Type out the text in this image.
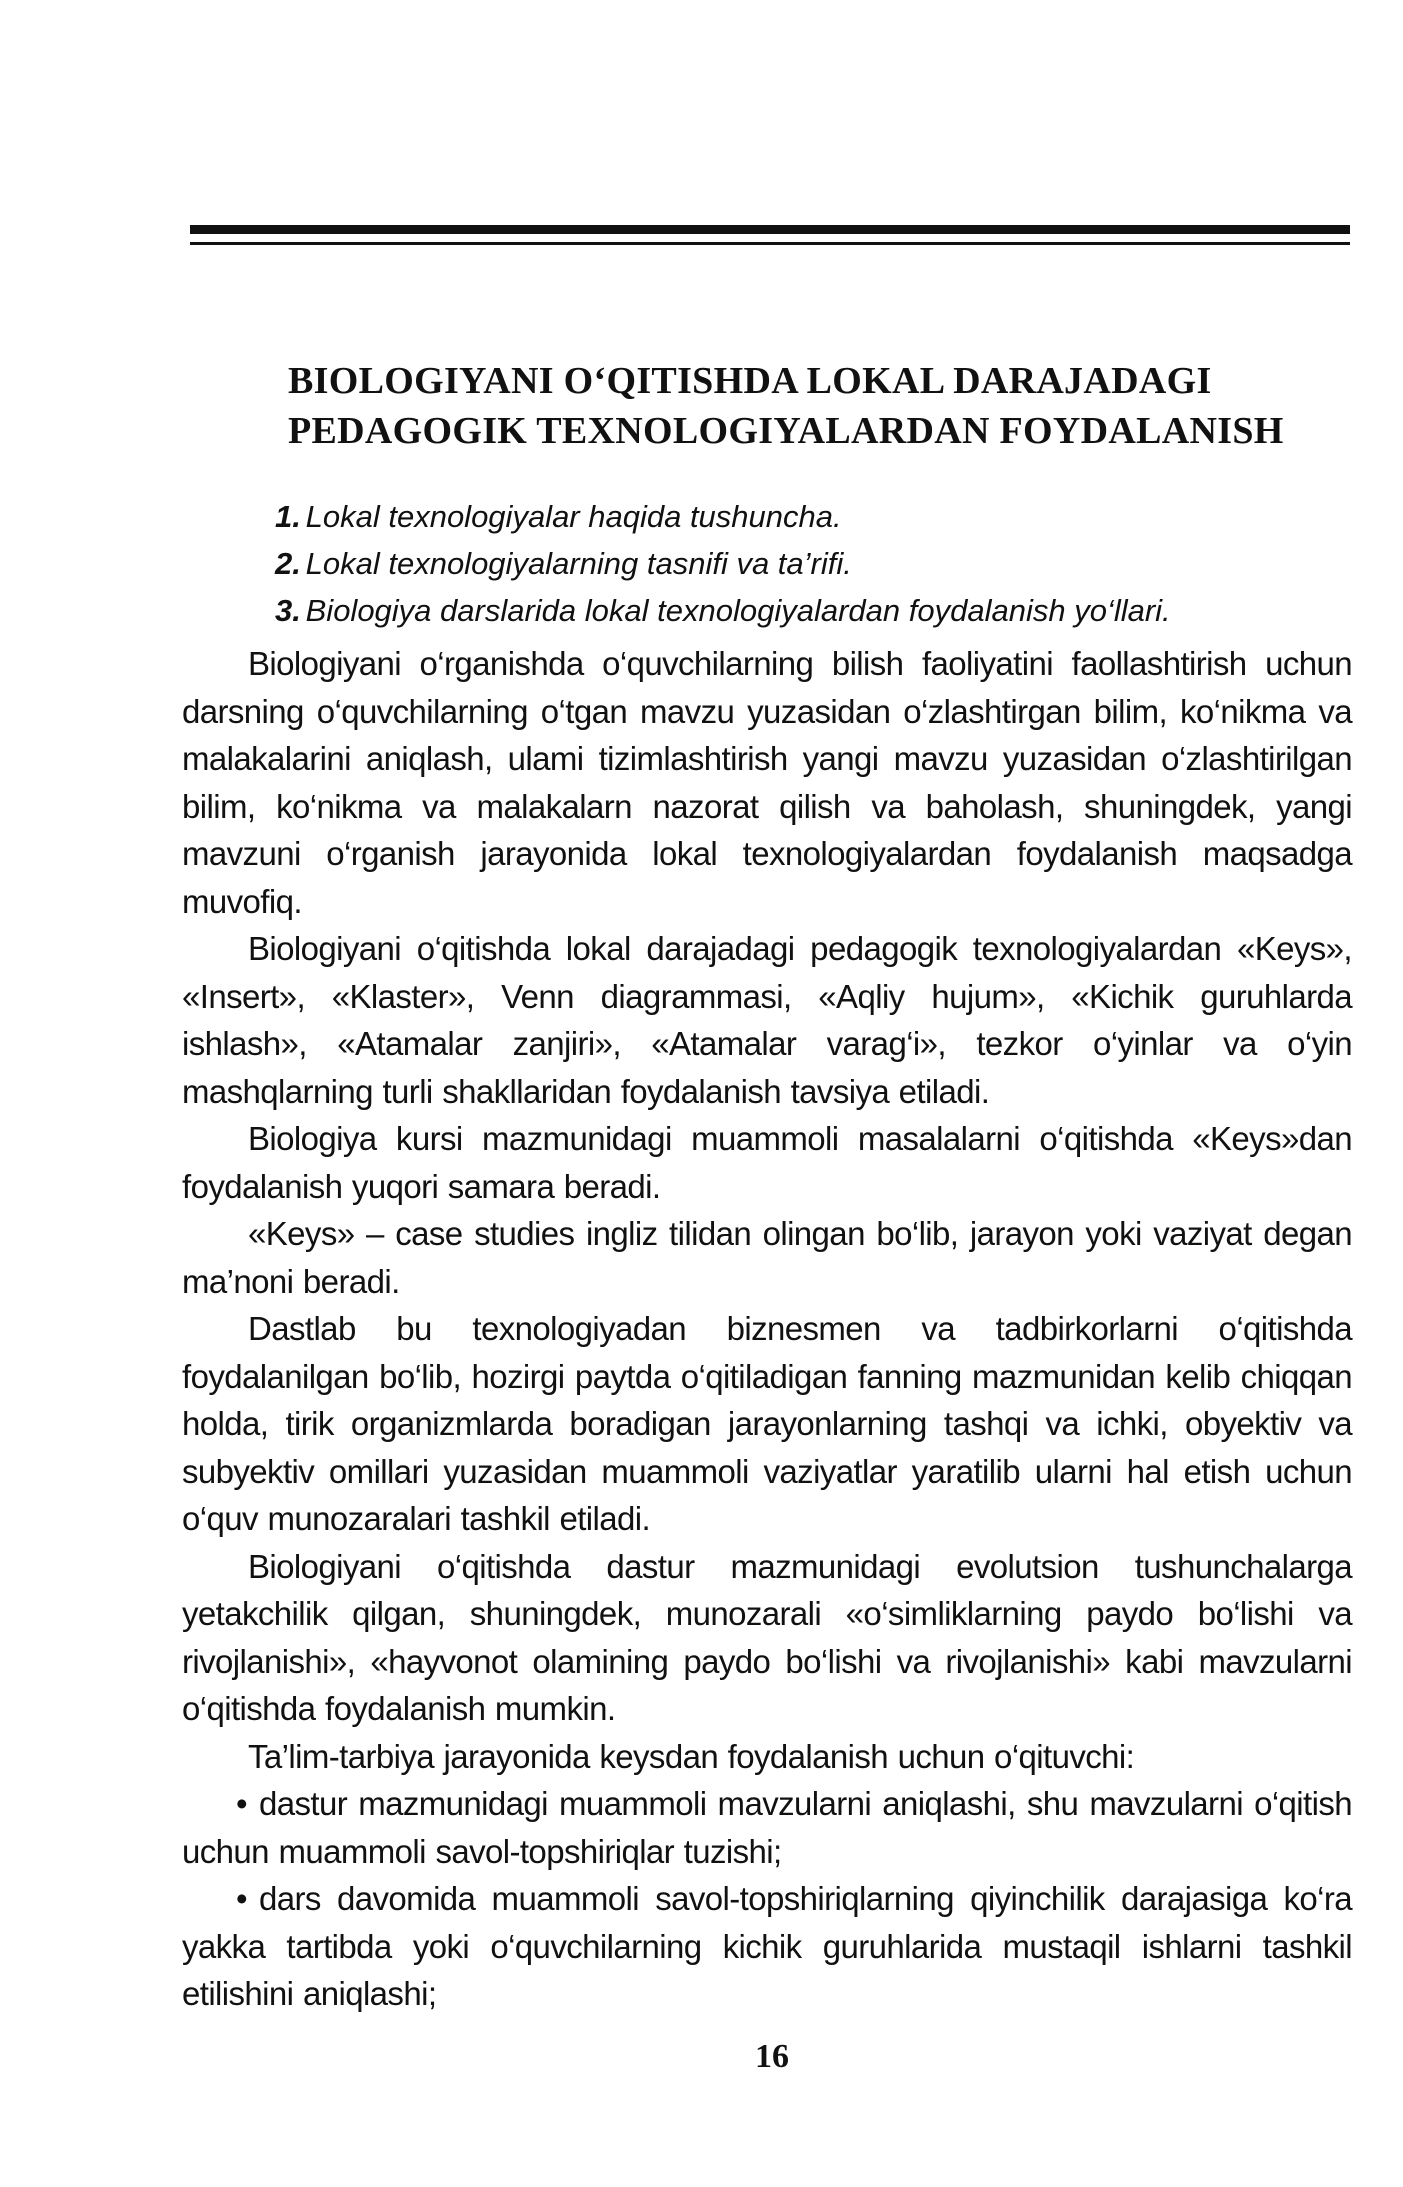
BIOLOGIYANI O‘QITISHDA LOKAL DARAJADAGI
PEDAGOGIK TEXNOLOGIYALARDAN FOYDALANISH
1. Lokal texnologiyalar haqida tushuncha.
2. Lokal texnologiyalarning tasnifi va ta’rifi.
3. Biologiya darslarida lokal texnologiyalardan foydalanish yo‘llari.

Biologiyani o‘rganishda o‘quvchilarning bilish faoliyatini faollashtirish uchun darsning o‘quvchilarning o‘tgan mavzu yuzasidan o‘zlashtirgan bilim, ko‘nikma va malakalarini aniqlash, ulami tizimlashtirish yangi mavzu yuzasidan o‘zlashtirilgan bilim, ko‘nikma va malakalarn nazorat qilish va baholash, shuningdek, yangi mavzuni o‘rganish jarayonida lokal texnologiyalardan foydalanish maqsadga muvofiq.

Biologiyani o‘qitishda lokal darajadagi pedagogik texnologiyalardan «Keys», «Insert», «Klaster», Venn diagrammasi, «Aqliy hujum», «Kichik guruhlarda ishlash», «Atamalar zanjiri», «Atamalar varag‘i», tezkor o‘yinlar va o‘yin mashqlarning turli shakllaridan foydalanish tavsiya etiladi.

Biologiya kursi mazmunidagi muammoli masalalarni o‘qitishda «Keys»dan foydalanish yuqori samara beradi.

«Keys» – case studies ingliz tilidan olingan bo‘lib, jarayon yoki vaziyat degan ma’noni beradi.

Dastlab bu texnologiyadan biznesmen va tadbirkorlarni o‘qitishda foydalanilgan bo‘lib, hozirgi paytda o‘qitiladigan fanning mazmunidan kelib chiqqan holda, tirik organizmlarda boradigan jarayonlarning tashqi va ichki, obyektiv va subyektiv omillari yuzasidan muammoli vaziyatlar yaratilib ularni hal etish uchun o‘quv munozaralari tashkil etiladi.

Biologiyani o‘qitishda dastur mazmunidagi evolutsion tushunchalarga yetakchilik qilgan, shuningdek, munozarali «o‘simliklarning paydo bo‘lishi va rivojlanishi», «hayvonot olamining paydo bo‘lishi va rivojlanishi» kabi mavzularni o‘qitishda foydalanish mumkin.

Ta’lim-tarbiya jarayonida keysdan foydalanish uchun o‘qituvchi:

• dastur mazmunidagi muammoli mavzularni aniqlashi, shu mavzularni o‘qitish uchun muammoli savol-topshiriqlar tuzishi;

• dars davomida muammoli savol-topshiriqlarning qiyinchilik darajasiga ko‘ra yakka tartibda yoki o‘quvchilarning kichik guruhlarida mustaqil ishlarni tashkil etilishini aniqlashi;

16
